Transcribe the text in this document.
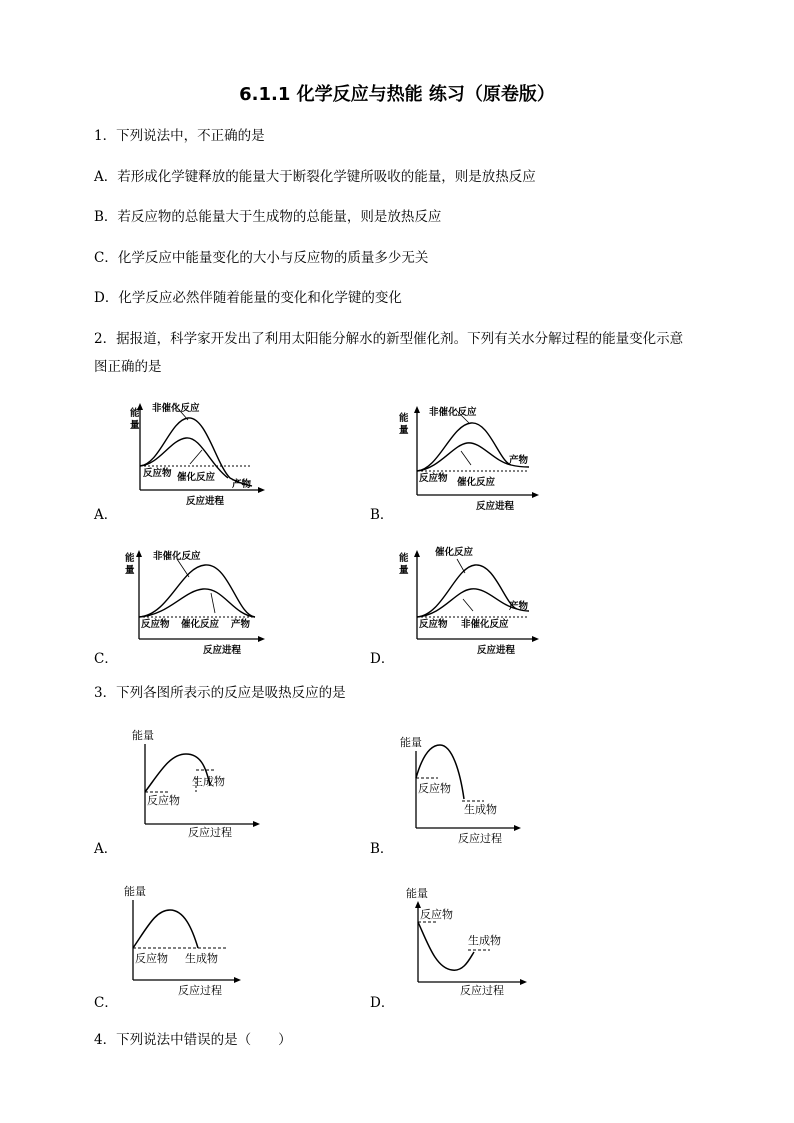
6.1.1 化学反应与热能 练习（原卷版）
1．下列说法中，不正确的是
A．若形成化学键释放的能量大于断裂化学键所吸收的能量，则是放热反应
B．若反应物的总能量大于生成物的总能量，则是放热反应
C．化学反应中能量变化的大小与反应物的质量多少无关
D．化学反应必然伴随着能量的变化和化学键的变化
2．据报道，科学家开发出了利用太阳能分解水的新型催化剂。下列有关水分解过程的能量变化示意
图正确的是
能
量
非催化反应
催化反应
反应物
产物
反应进程
A．
能
量
非催化反应
催化反应
反应物
产物
反应进程
B．
能
量
非催化反应
催化反应
反应物	产物
反应进程
C．
能
量
催化反应
非催化反应
反应物
产物
反应进程
D．
3．下列各图所表示的反应是吸热反应的是
能量
生成物
反应物
反应过程
A．
能量
反应物
生成物
反应过程
B．
能量
反应物 生成物
反应过程
C．
能量
反应物
生成物
反应过程
D．
4．下列说法中错误的是（　　）
